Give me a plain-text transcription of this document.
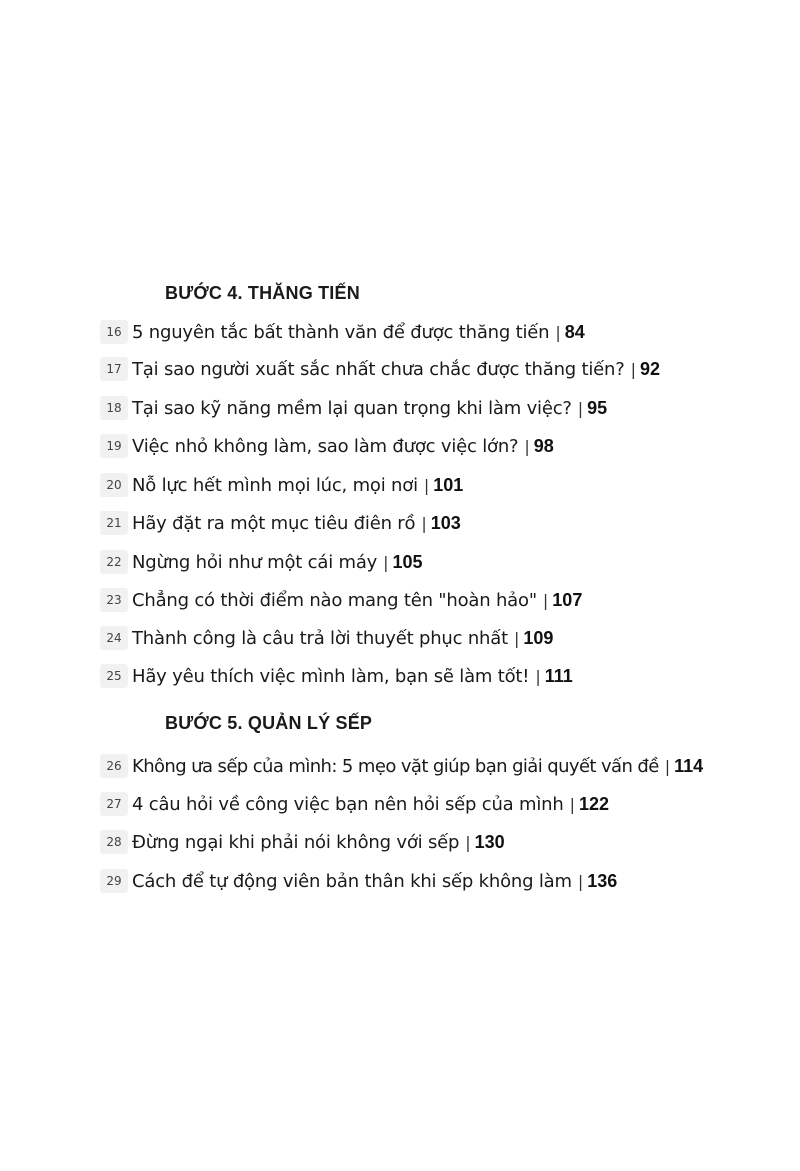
BƯỚC 4. THĂNG TIẾN
16 5 nguyên tắc bất thành văn để được thăng tiến | 84
17 Tại sao người xuất sắc nhất chưa chắc được thăng tiến? | 92
18 Tại sao kỹ năng mềm lại quan trọng khi làm việc? | 95
19 Việc nhỏ không làm, sao làm được việc lớn? | 98
20 Nỗ lực hết mình mọi lúc, mọi nơi | 101
21 Hãy đặt ra một mục tiêu điên rồ | 103
22 Ngừng hỏi như một cái máy | 105
23 Chẳng có thời điểm nào mang tên "hoàn hảo" | 107
24 Thành công là câu trả lời thuyết phục nhất | 109
25 Hãy yêu thích việc mình làm, bạn sẽ làm tốt! | 111
BƯỚC 5. QUẢN LÝ SẾP
26 Không ưa sếp của mình: 5 mẹo vặt giúp bạn giải quyết vấn đề | 114
27 4 câu hỏi về công việc bạn nên hỏi sếp của mình | 122
28 Đừng ngại khi phải nói không với sếp | 130
29 Cách để tự động viên bản thân khi sếp không làm | 136
